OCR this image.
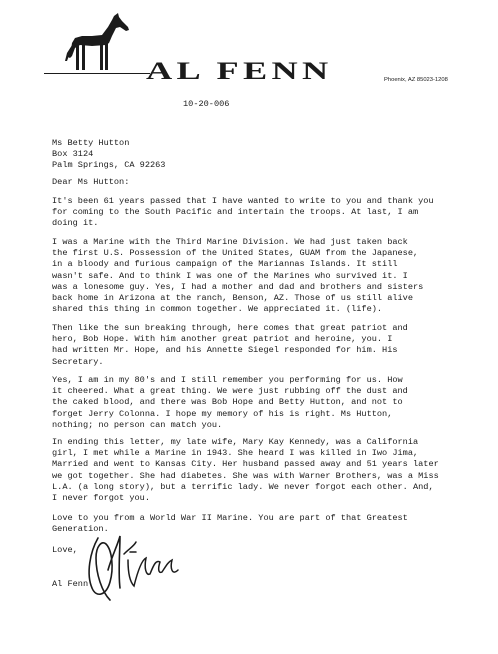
AL FENN	Phoenix, AZ 85023-1208
10-20-006
Ms Betty Hutton
Box 3124
Palm Springs, CA 92263
Dear Ms Hutton:
It's been 61 years passed that I have wanted to write to you and thank you
for coming to the South Pacific and intertain the troops. At last, I am
doing it.
I was a Marine with the Third Marine Division. We had just taken back
the first U.S. Possession of the United States, GUAM from the Japanese,
in a bloody and furious campaign of the Mariannas Islands. It still
wasn't safe. And to think I was one of the Marines who survived it. I
was a lonesome guy. Yes, I had a mother and dad and brothers and sisters
back home in Arizona at the ranch, Benson, AZ. Those of us still alive
shared this thing in common together. We appreciated it. (life).
Then like the sun breaking through, here comes that great patriot and
hero, Bob Hope. With him another great patriot and heroine, you. I
had written Mr. Hope, and his Annette Siegel responded for him. His
Secretary.
Yes, I am in my 80's and I still remember you performing for us. How
it cheered. What a great thing. We were just rubbing off the dust and
the caked blood, and there was Bob Hope and Betty Hutton, and not to
forget Jerry Colonna. I hope my memory of his is right. Ms Hutton,
nothing; no person can match you.
In ending this letter, my late wife, Mary Kay Kennedy, was a California
girl, I met while a Marine in 1943. She heard I was killed in Iwo Jima,
Married and went to Kansas City. Her husband passed away and 51 years later
we got together. She had diabetes. She was with Warner Brothers, was a Miss
L.A. (a long story), but a terrific lady. We never forgot each other. And,
I never forgot you.
Love to you from a World War II Marine. You are part of that Greatest
Generation.
Love,
Al Fenn
